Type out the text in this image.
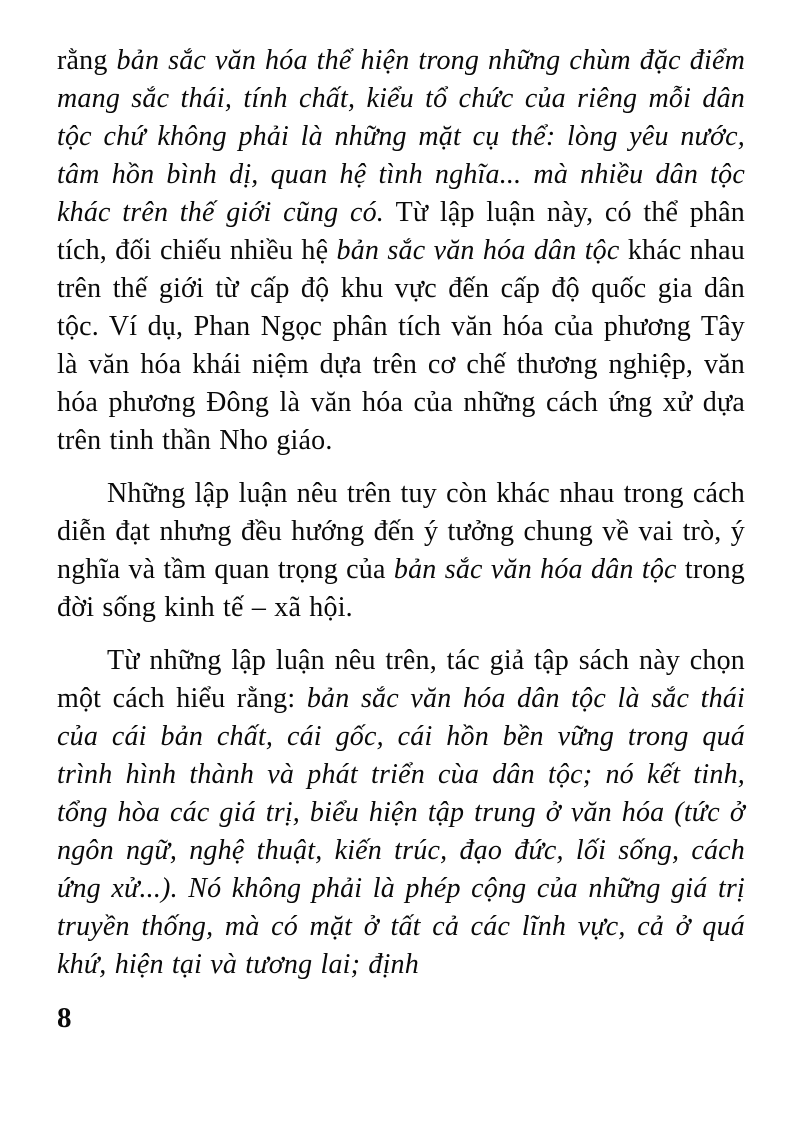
rằng bản sắc văn hóa thể hiện trong những chùm đặc điểm mang sắc thái, tính chất, kiểu tổ chức của riêng mỗi dân tộc chứ không phải là những mặt cụ thể: lòng yêu nước, tâm hồn bình dị, quan hệ tình nghĩa... mà nhiều dân tộc khác trên thế giới cũng có. Từ lập luận này, có thể phân tích, đối chiếu nhiều hệ bản sắc văn hóa dân tộc khác nhau trên thế giới từ cấp độ khu vực đến cấp độ quốc gia dân tộc. Ví dụ, Phan Ngọc phân tích văn hóa của phương Tây là văn hóa khái niệm dựa trên cơ chế thương nghiệp, văn hóa phương Đông là văn hóa của những cách ứng xử dựa trên tinh thần Nho giáo.

Những lập luận nêu trên tuy còn khác nhau trong cách diễn đạt nhưng đều hướng đến ý tưởng chung về vai trò, ý nghĩa và tầm quan trọng của bản sắc văn hóa dân tộc trong đời sống kinh tế – xã hội.

Từ những lập luận nêu trên, tác giả tập sách này chọn một cách hiểu rằng: bản sắc văn hóa dân tộc là sắc thái của cái bản chất, cái gốc, cái hồn bền vững trong quá trình hình thành và phát triển cùa dân tộc; nó kết tinh, tổng hòa các giá trị, biểu hiện tập trung ở văn hóa (tức ở ngôn ngữ, nghệ thuật, kiến trúc, đạo đức, lối sống, cách ứng xử...). Nó không phải là phép cộng của những giá trị truyền thống, mà có mặt ở tất cả các lĩnh vực, cả ở quá khứ, hiện tại và tương lai; định

8
